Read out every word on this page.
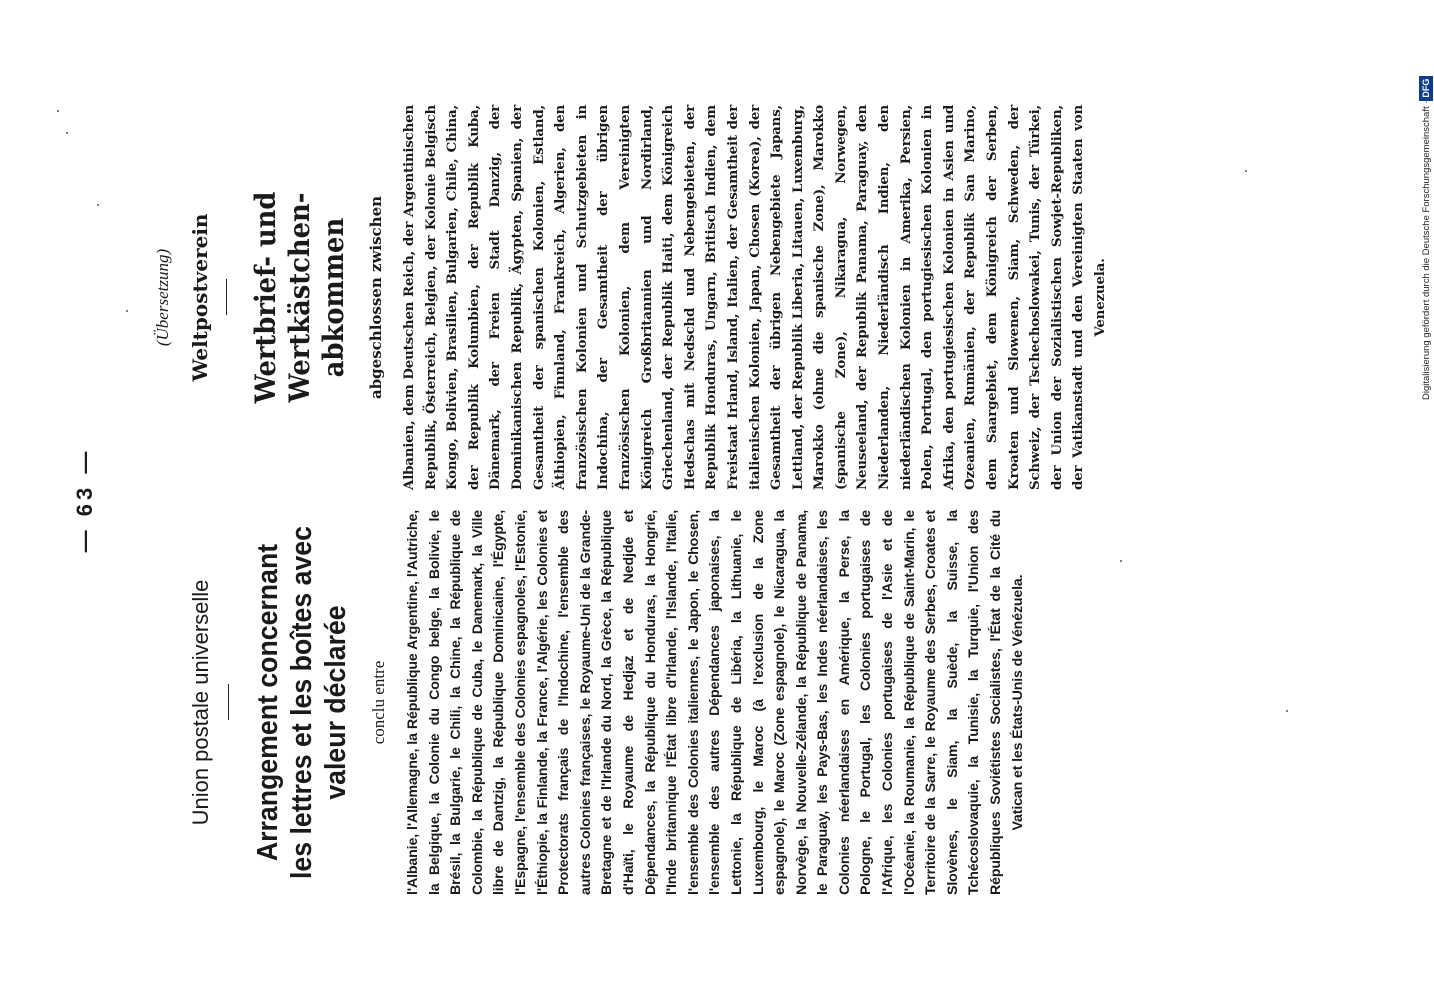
— 63 —
Union postale universelle Arrangement concernant les lettres et les boîtes avec valeur déclarée conclu entre l'Albanie, l'Allemagne, la République Argentine, l'Autriche, la Belgique, la Colonie du Congo belge, la Bolivie, le Brésil, la Bulgarie, le Chili, la Chine, la République de Colombie, la République de Cuba, le Danemark, la Ville libre de Dantzig, la République Dominicaine, l'Égypte, l'Espagne, l'ensemble des Colonies espagnoles, l'Estonie, l'Éthiopie, la Finlande, la France, l'Algérie, les Colonies et Protectorats français de l'Indochine, l'ensemble des autres Colonies françaises, le Royaume-Uni de la Grande-Bretagne et de l'Irlande du Nord, la Grèce, la République d'Haïti, le Royaume de Hedjaz et de Nedjde et Dépendances, la République du Honduras, la Hongrie, l'Inde britannique l'État libre d'Irlande, l'Islande, l'Italie, l'ensemble des Colonies italiennes, le Japon, le Chosen, l'ensemble des autres Dépendances japonaises, la Lettonie, la République de Libéria, la Lithuanie, le Luxembourg, le Maroc (à l'exclusion de la Zone espagnole), le Maroc (Zone espagnole), le Nicaragua, la Norvège, la Nouvelle-Zélande, la République de Panama, le Paraguay, les Pays-Bas, les Indes néerlandaises, les Colonies néerlandaises en Amérique, la Perse, la Pologne, le Portugal, les Colonies portugaises de l'Afrique, les Colonies portugaises de l'Asie et de l'Océanie, la Roumanie, la République de Saint-Marin, le Territoire de la Sarre, le Royaume des Serbes, Croates et Slovènes, le Siam, la Suède, la Suisse, la Tchécoslovaquie, la Tunisie, la Turquie, l'Union des Républiques Soviétistes Socialistes, l'État de la Cité du Vatican et les États-Unis de Vénézuela.

(Übersetzung) Weltpostverein Wertbrief- und Wertkästchen-abkommen abgeschlossen zwischen Albanien, dem Deutschen Reich, der Argentinischen Republik, Österreich, Belgien, der Kolonie Belgisch Kongo, Bolivien, Brasilien, Bulgarien, Chile, China, der Republik Kolumbien, der Republik Kuba, Dänemark, der Freien Stadt Danzig, der Dominikanischen Republik, Ägypten, Spanien, der Gesamtheit der spanischen Kolonien, Estland, Äthiopien, Finnland, Frankreich, Algerien, den französischen Kolonien und Schutzgebieten in Indochina, der Gesamtheit der übrigen französischen Kolonien, dem Vereinigten Königreich Großbritannien und Nordirland, Griechenland, der Republik Haiti, dem Königreich Hedschas mit Nedschd und Nebengebieten, der Republik Honduras, Ungarn, Britisch Indien, dem Freistaat Irland, Island, Italien, der Gesamtheit der italienischen Kolonien, Japan, Chosen (Korea), der Gesamtheit der übrigen Nebengebiete Japans, Lettland, der Republik Liberia, Litauen, Luxemburg, Marokko (ohne die spanische Zone), Marokko (spanische Zone), Nikaragua, Norwegen, Neuseeland, der Republik Panama, Paraguay, den Niederlanden, Niederländisch Indien, den niederländischen Kolonien in Amerika, Persien, Polen, Portugal, den portugiesischen Kolonien in Afrika, den portugiesischen Kolonien in Asien und Ozeanien, Rumänien, der Republik San Marino, dem Saargebiet, dem Königreich der Serben, Kroaten und Slowenen, Siam, Schweden, der Schweiz, der Tschechoslowakei, Tunis, der Türkei, der Union der Sozialistischen Sowjet-Republiken, der Vatikanstadt und den Vereinigten Staaten von Venezuela.	Digitalisierung gefördert durch die Deutsche Forschungsgemeinschaft ·
DFG
